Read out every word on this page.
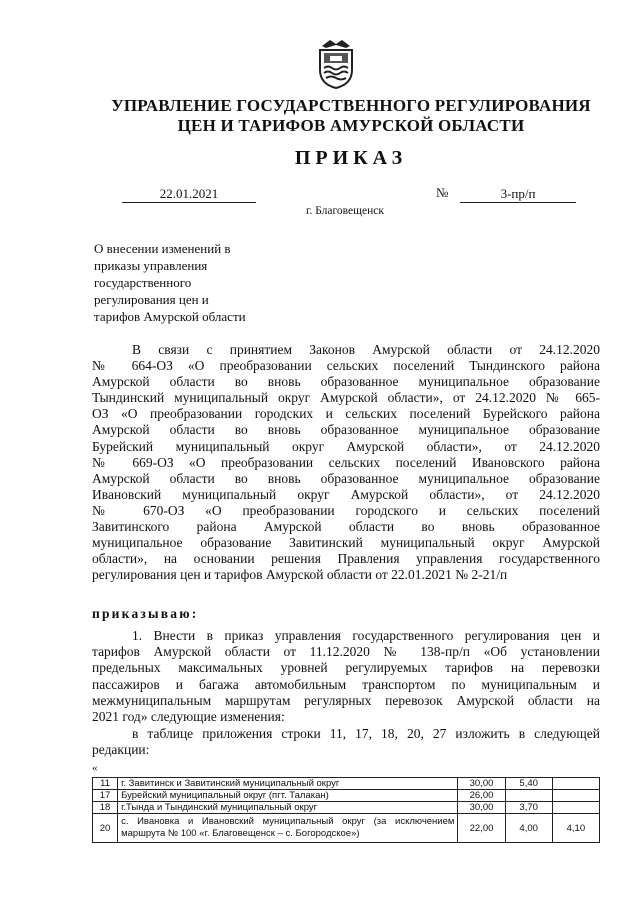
УПРАВЛЕНИЕ ГОСУДАРСТВЕННОГО РЕГУЛИРОВАНИЯ
ЦЕН И ТАРИФОВ АМУРСКОЙ ОБЛАСТИ
ПРИКАЗ
22.01.2021	№	3-пр/п
г. Благовещенск
О внесении изменений в
приказы управления
государственного
регулирования цен и
тарифов Амурской области
В связи с принятием Законов Амурской области от 24.12.2020
№ 664-ОЗ «О преобразовании сельских поселений Тындинского района
Амурской области во вновь образованное муниципальное образование
Тындинский муниципальный округ Амурской области», от 24.12.2020 № 665-
ОЗ «О преобразовании городских и сельских поселений Бурейского района
Амурской области во вновь образованное муниципальное образование
Бурейский муниципальный округ Амурской области», от 24.12.2020
№ 669-ОЗ «О преобразовании сельских поселений Ивановского района
Амурской области во вновь образованное муниципальное образование
Ивановский муниципальный округ Амурской области», от 24.12.2020
№ 670-ОЗ «О преобразовании городского и сельских поселений
Завитинского района Амурской области во вновь образованное
муниципальное образование Завитинский муниципальный округ Амурской
области», на основании решения Правления управления государственного
регулирования цен и тарифов Амурской области от 22.01.2021 № 2-21/п
приказываю:
1. Внести в приказ управления государственного регулирования цен и
тарифов Амурской области от 11.12.2020 № 138-пр/п «Об установлении
предельных максимальных уровней регулируемых тарифов на перевозки
пассажиров и багажа автомобильным транспортом по муниципальным и
межмуниципальным маршрутам регулярных перевозок Амурской области на
2021 год» следующие изменения:
в таблице приложения строки 11, 17, 18, 20, 27 изложить в следующей
редакции:
«
11	г. Завитинск и Завитинский муниципальный округ	30,00	5,40	
17	Бурейский муниципальный округ (пгт. Талакан)	26,00		
18	г.Тында и Тындинский муниципальный округ	30,00	3,70	
20	с. Ивановка и Ивановский муниципальный округ (за исключением маршрута № 100 «г. Благовещенск – с. Богородское»)	22,00	4,00	4,10
